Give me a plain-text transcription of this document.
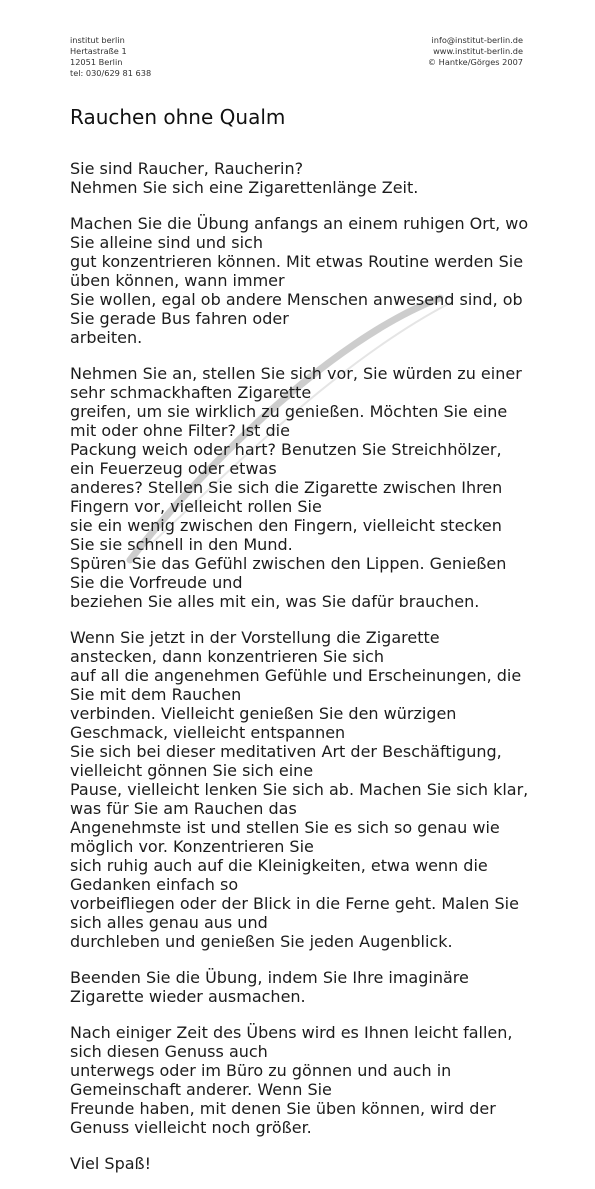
institut berlin
Hertastraße 1
12051 Berlin
tel: 030/629 81 638
info@institut-berlin.de
www.institut-berlin.de
© Hantke/Görges 2007
Rauchen ohne Qualm

Sie sind Raucher, Raucherin?
Nehmen Sie sich eine Zigarettenlänge Zeit.

Machen Sie die Übung anfangs an einem ruhigen Ort, wo Sie alleine sind und sich
gut konzentrieren können. Mit etwas Routine werden Sie üben können, wann immer
Sie wollen, egal ob andere Menschen anwesend sind, ob Sie gerade Bus fahren oder
arbeiten.

Nehmen Sie an, stellen Sie sich vor, Sie würden zu einer sehr schmackhaften Zigarette
greifen, um sie wirklich zu genießen. Möchten Sie eine mit oder ohne Filter? Ist die
Packung weich oder hart? Benutzen Sie Streichhölzer, ein Feuerzeug oder etwas
anderes? Stellen Sie sich die Zigarette zwischen Ihren Fingern vor, vielleicht rollen Sie
sie ein wenig zwischen den Fingern, vielleicht stecken Sie sie schnell in den Mund.
Spüren Sie das Gefühl zwischen den Lippen. Genießen Sie die Vorfreude und
beziehen Sie alles mit ein, was Sie dafür brauchen.

Wenn Sie jetzt in der Vorstellung die Zigarette anstecken, dann konzentrieren Sie sich
auf all die angenehmen Gefühle und Erscheinungen, die Sie mit dem Rauchen
verbinden. Vielleicht genießen Sie den würzigen Geschmack, vielleicht entspannen
Sie sich bei dieser meditativen Art der Beschäftigung, vielleicht gönnen Sie sich eine
Pause, vielleicht lenken Sie sich ab. Machen Sie sich klar, was für Sie am Rauchen das
Angenehmste ist und stellen Sie es sich so genau wie möglich vor. Konzentrieren Sie
sich ruhig auch auf die Kleinigkeiten, etwa wenn die Gedanken einfach so
vorbeifliegen oder der Blick in die Ferne geht. Malen Sie sich alles genau aus und
durchleben und genießen Sie jeden Augenblick.

Beenden Sie die Übung, indem Sie Ihre imaginäre Zigarette wieder ausmachen.

Nach einiger Zeit des Übens wird es Ihnen leicht fallen, sich diesen Genuss auch
unterwegs oder im Büro zu gönnen und auch in Gemeinschaft anderer. Wenn Sie
Freunde haben, mit denen Sie üben können, wird der Genuss vielleicht noch größer.

Viel Spaß!
